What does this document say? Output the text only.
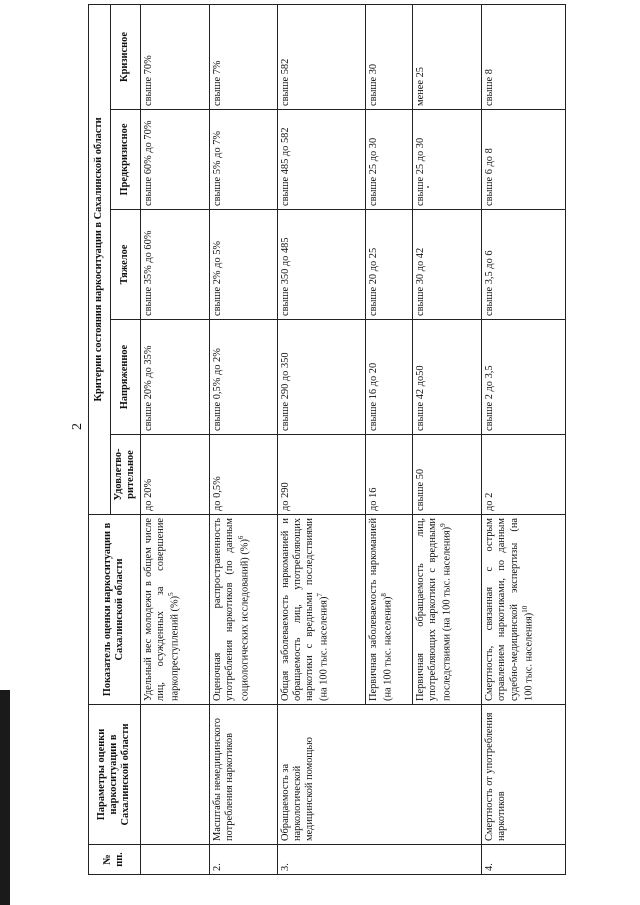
2
№ пп.	Параметры оценки наркоситуации в Сахалинской области	Показатель оценки наркоситуации в Сахалинской области	Критерии состояния наркоситуации в Сахалинской области				
			Удовлетво-рительное	Напряженное	Тяжелое	Предкризисное	Кризисное
		Удельный вес молодежи в общем числе лиц, осужденных за совершение наркопреступлений (%)$^5$	до 20%	свыше 20% до 35%	свыше 35% до 60%	свыше 60% до 70%	свыше 70%
2.	Масштабы немедицинского потребления наркотиков	Оценочная распространенность употребления наркотиков (по данным социологических исследований) (%)$^6$	до 0,5%	свыше 0,5% до 2%	свыше 2% до 5%	свыше 5% до 7%	свыше 7%
3.	Обращаемость за наркологической медицинской помощью	Общая заболеваемость наркоманией и обращаемость лиц, употребляющих наркотики с вредными последствиями (на 100 тыс. населения)$^7$	до 290	свыше 290 до 350	свыше 350 до 485	свыше 485 до 582	свыше 582
		Первичная заболеваемость наркоманией (на 100 тыс. населения)$^8$	до 16	свыше 16 до 20	свыше 20 до 25	свыше 25 до 30	свыше 30
		Первичная обращаемость лиц, употребляющих наркотики с вредными последствиями (на 100 тыс. населения)$^9$	свыше 50	свыше 42 до50	свыше 30 до 42	свыше 25 до 30	менее 25
4.	Смертность от употребления наркотиков	Смертность, связанная с острым отравлением наркотиками, по данным судебно-медицинской экспертизы (на 100 тыс. населения)$^{10}$	до 2	свыше 2 до 3,5	свыше 3,5 до 6	свыше 6 до 8	свыше 8
